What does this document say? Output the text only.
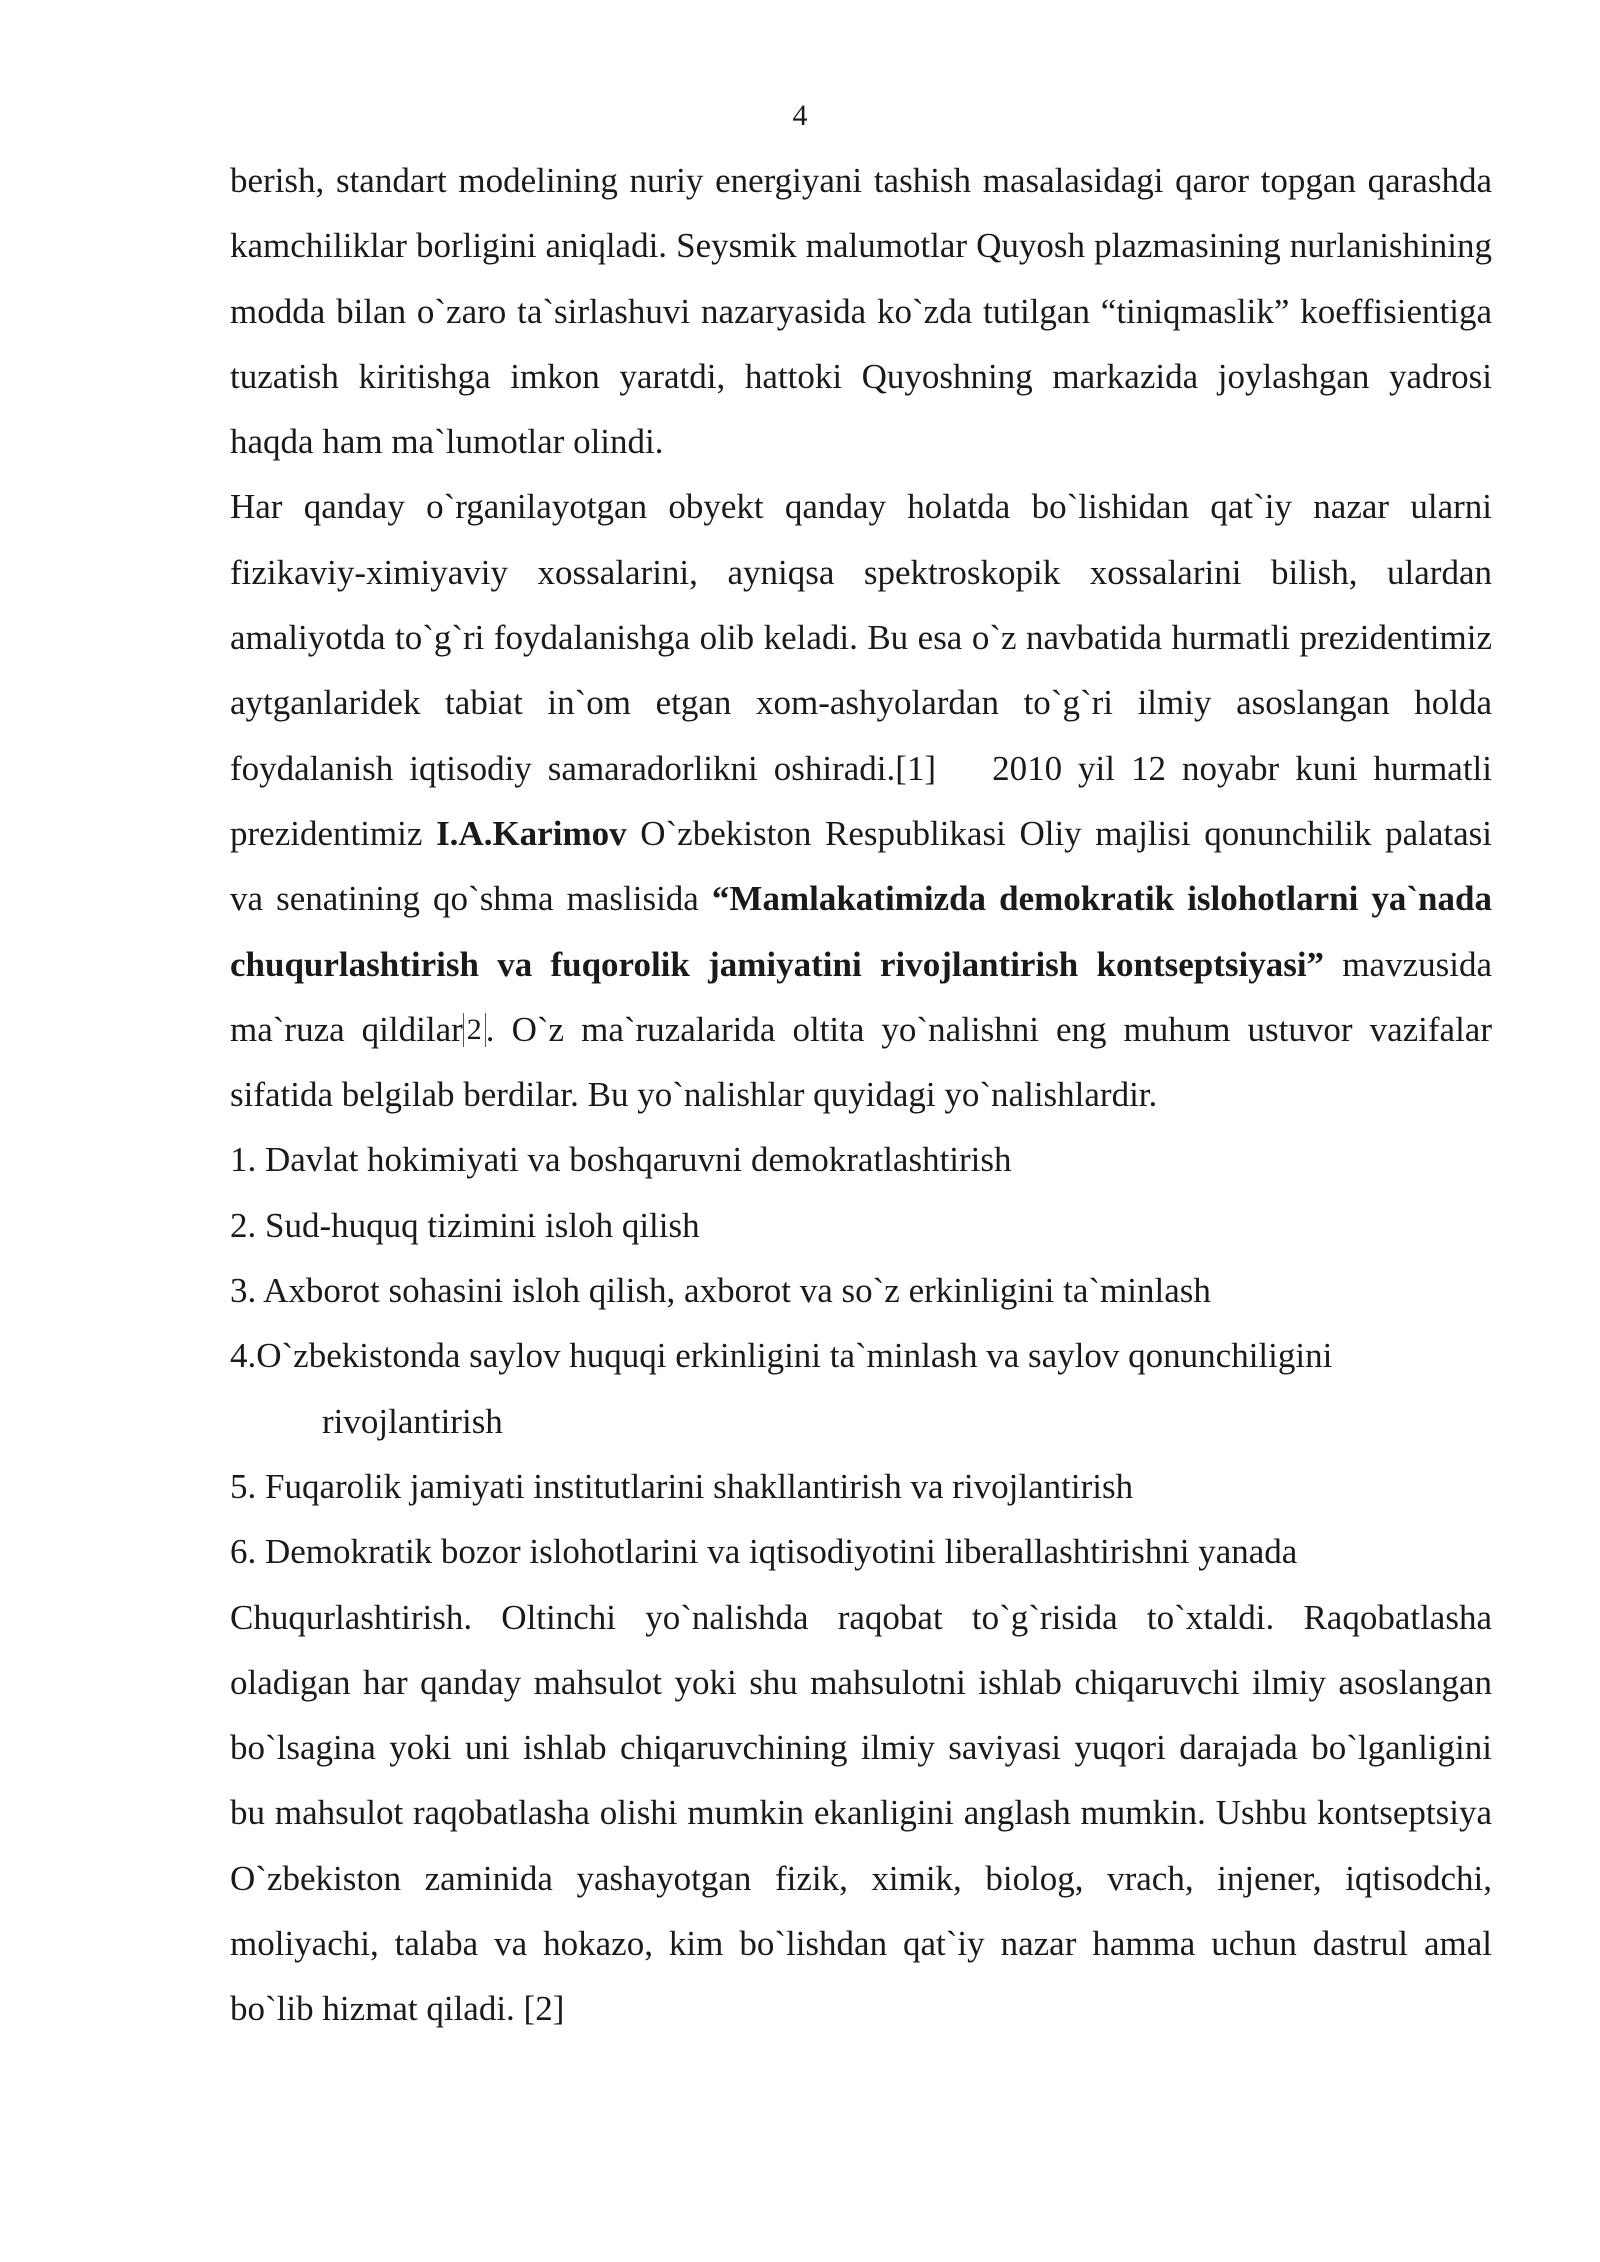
4

berish, standart modelining nuriy energiyani tashish masalasidagi qaror topgan qarashda kamchiliklar borligini aniqladi. Seysmik malumotlar Quyosh plazmasining nurlanishining modda bilan o`zaro ta`sirlashuvi nazaryasida ko`zda tutilgan “tiniqmaslik” koeffisientiga tuzatish kiritishga imkon yaratdi, hattoki Quyoshning markazida joylashgan yadrosi haqda ham ma`lumotlar olindi.

Har qanday o`rganilayotgan obyekt qanday holatda bo`lishidan qat`iy nazar ularni fizikaviy-ximiyaviy xossalarini, ayniqsa spektroskopik xossalarini bilish, ulardan amaliyotda to`g`ri foydalanishga olib keladi. Bu esa o`z navbatida hurmatli prezidentimiz aytganlaridek tabiat in`om etgan xom-ashyolardan to`g`ri ilmiy asoslangan holda foydalanish iqtisodiy samaradorlikni oshiradi.[1] 2010 yil 12 noyabr kuni hurmatli prezidentimiz I.A.Karimov O`zbekiston Respublikasi Oliy majlisi qonunchilik palatasi va senatining qo`shma maslisida “Mamlakatimizda demokratik islohotlarni ya`nada chuqurlashtirish va fuqorolik jamiyatini rivojlantirish kontseptsiyasi” mavzusida ma`ruza qildilar 2 . O`z ma`ruzalarida oltita yo`nalishni eng muhum ustuvor vazifalar sifatida belgilab berdilar. Bu yo`nalishlar quyidagi yo`nalishlardir.

1. Davlat hokimiyati va boshqaruvni demokratlashtirish
2. Sud-huquq tizimini isloh qilish
3. Axborot sohasini isloh qilish, axborot va so`z erkinligini ta`minlash
4.O`zbekistonda saylov huquqi erkinligini ta`minlash va saylov qonunchiligini
rivojlantirish
5. Fuqarolik jamiyati institutlarini shakllantirish va rivojlantirish
6. Demokratik bozor islohotlarini va iqtisodiyotini liberallashtirishni yanada

Chuqurlashtirish. Oltinchi yo`nalishda raqobat to`g`risida to`xtaldi. Raqobatlasha oladigan har qanday mahsulot yoki shu mahsulotni ishlab chiqaruvchi ilmiy asoslangan bo`lsagina yoki uni ishlab chiqaruvchining ilmiy saviyasi yuqori darajada bo`lganligini bu mahsulot raqobatlasha olishi mumkin ekanligini anglash mumkin. Ushbu kontseptsiya O`zbekiston zaminida yashayotgan fizik, ximik, biolog, vrach, injener, iqtisodchi, moliyachi, talaba va hokazo, kim bo`lishdan qat`iy nazar hamma uchun dastrul amal bo`lib hizmat qiladi. [2]
